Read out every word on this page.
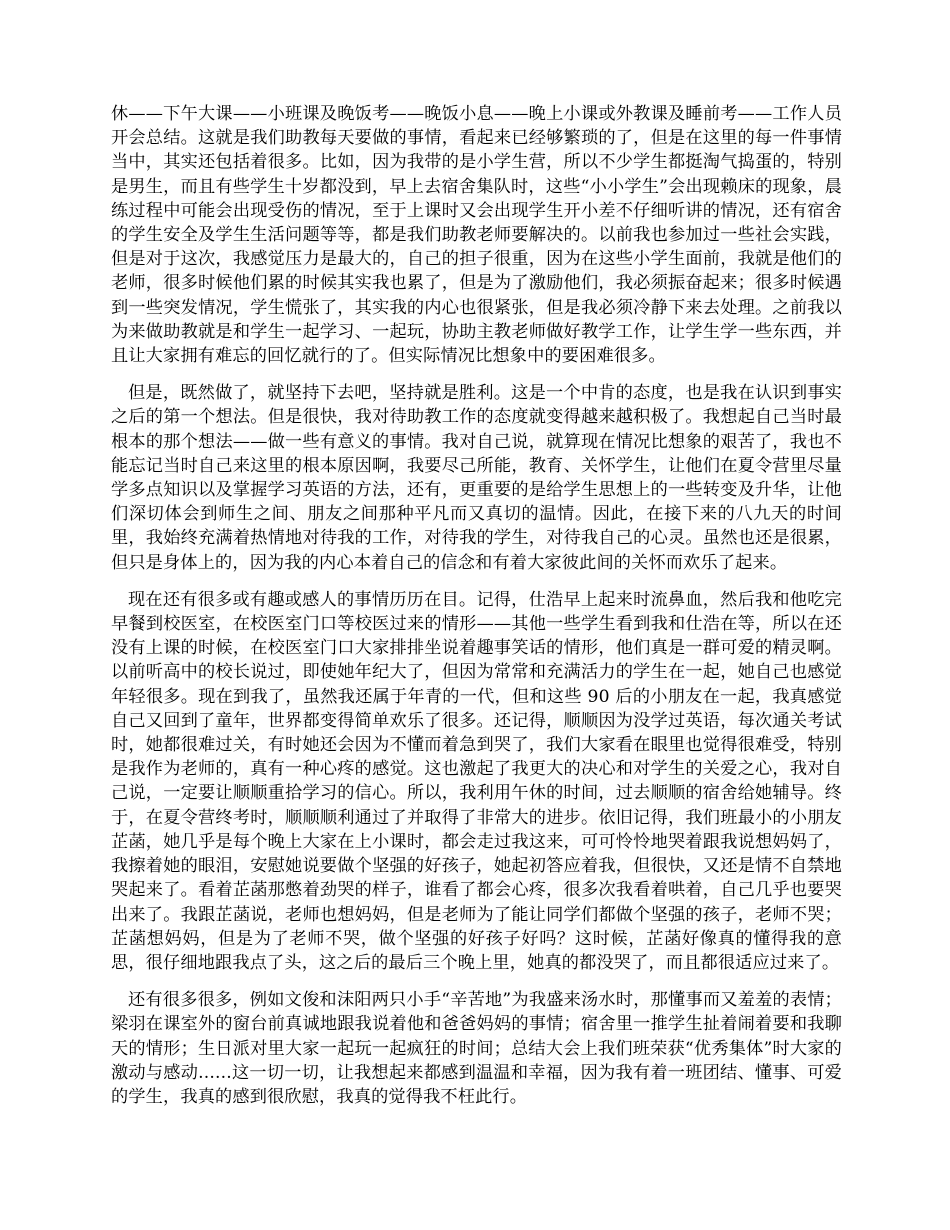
休——下午大课——小班课及晚饭考——晚饭小息——晚上小课或外教课及睡前考——工作人员开会总结。这就是我们助教每天要做的事情，看起来已经够繁琐的了，但是在这里的每一件事情当中，其实还包括着很多。比如，因为我带的是小学生营，所以不少学生都挺淘气捣蛋的，特别是男生，而且有些学生十岁都没到，早上去宿舍集队时，这些“小小学生”会出现赖床的现象，晨练过程中可能会出现受伤的情况，至于上课时又会出现学生开小差不仔细听讲的情况，还有宿舍的学生安全及学生生活问题等等，都是我们助教老师要解决的。以前我也参加过一些社会实践，但是对于这次，我感觉压力是最大的，自己的担子很重，因为在这些小学生面前，我就是他们的老师，很多时候他们累的时候其实我也累了，但是为了激励他们，我必须振奋起来；很多时候遇到一些突发情况，学生慌张了，其实我的内心也很紧张，但是我必须冷静下来去处理。之前我以为来做助教就是和学生一起学习、一起玩，协助主教老师做好教学工作，让学生学一些东西，并且让大家拥有难忘的回忆就行的了。但实际情况比想象中的要困难很多。

但是，既然做了，就坚持下去吧，坚持就是胜利。这是一个中肯的态度，也是我在认识到事实之后的第一个想法。但是很快，我对待助教工作的态度就变得越来越积极了。我想起自己当时最根本的那个想法——做一些有意义的事情。我对自己说，就算现在情况比想象的艰苦了，我也不能忘记当时自己来这里的根本原因啊，我要尽己所能，教育、关怀学生，让他们在夏令营里尽量学多点知识以及掌握学习英语的方法，还有，更重要的是给学生思想上的一些转变及升华，让他们深切体会到师生之间、朋友之间那种平凡而又真切的温情。因此，在接下来的八九天的时间里，我始终充满着热情地对待我的工作，对待我的学生，对待我自己的心灵。虽然也还是很累，但只是身体上的，因为我的内心本着自己的信念和有着大家彼此间的关怀而欢乐了起来。

现在还有很多或有趣或感人的事情历历在目。记得，仕浩早上起来时流鼻血，然后我和他吃完早餐到校医室，在校医室门口等校医过来的情形——其他一些学生看到我和仕浩在等，所以在还没有上课的时候，在校医室门口大家排排坐说着趣事笑话的情形，他们真是一群可爱的精灵啊。以前听高中的校长说过，即使她年纪大了，但因为常常和充满活力的学生在一起，她自己也感觉年轻很多。现在到我了，虽然我还属于年青的一代，但和这些 90 后的小朋友在一起，我真感觉自己又回到了童年，世界都变得简单欢乐了很多。还记得，顺顺因为没学过英语，每次通关考试时，她都很难过关，有时她还会因为不懂而着急到哭了，我们大家看在眼里也觉得很难受，特别是我作为老师的，真有一种心疼的感觉。这也激起了我更大的决心和对学生的关爱之心，我对自己说，一定要让顺顺重拾学习的信心。所以，我利用午休的时间，过去顺顺的宿舍给她辅导。终于，在夏令营终考时，顺顺顺利通过了并取得了非常大的进步。依旧记得，我们班最小的小朋友芷菡，她几乎是每个晚上大家在上小课时，都会走过我这来，可可怜怜地哭着跟我说想妈妈了，我擦着她的眼泪，安慰她说要做个坚强的好孩子，她起初答应着我，但很快，又还是情不自禁地哭起来了。看着芷菡那憋着劲哭的样子，谁看了都会心疼，很多次我看着哄着，自己几乎也要哭出来了。我跟芷菡说，老师也想妈妈，但是老师为了能让同学们都做个坚强的孩子，老师不哭；芷菡想妈妈，但是为了老师不哭，做个坚强的好孩子好吗？这时候，芷菡好像真的懂得我的意思，很仔细地跟我点了头，这之后的最后三个晚上里，她真的都没哭了，而且都很适应过来了。

还有很多很多，例如文俊和沫阳两只小手“辛苦地”为我盛来汤水时，那懂事而又羞羞的表情；梁羽在课室外的窗台前真诚地跟我说着他和爸爸妈妈的事情；宿舍里一推学生扯着闹着要和我聊天的情形；生日派对里大家一起玩一起疯狂的时间；总结大会上我们班荣获“优秀集体”时大家的激动与感动......这一切一切，让我想起来都感到温温和幸福，因为我有着一班团结、懂事、可爱的学生，我真的感到很欣慰，我真的觉得我不枉此行。
